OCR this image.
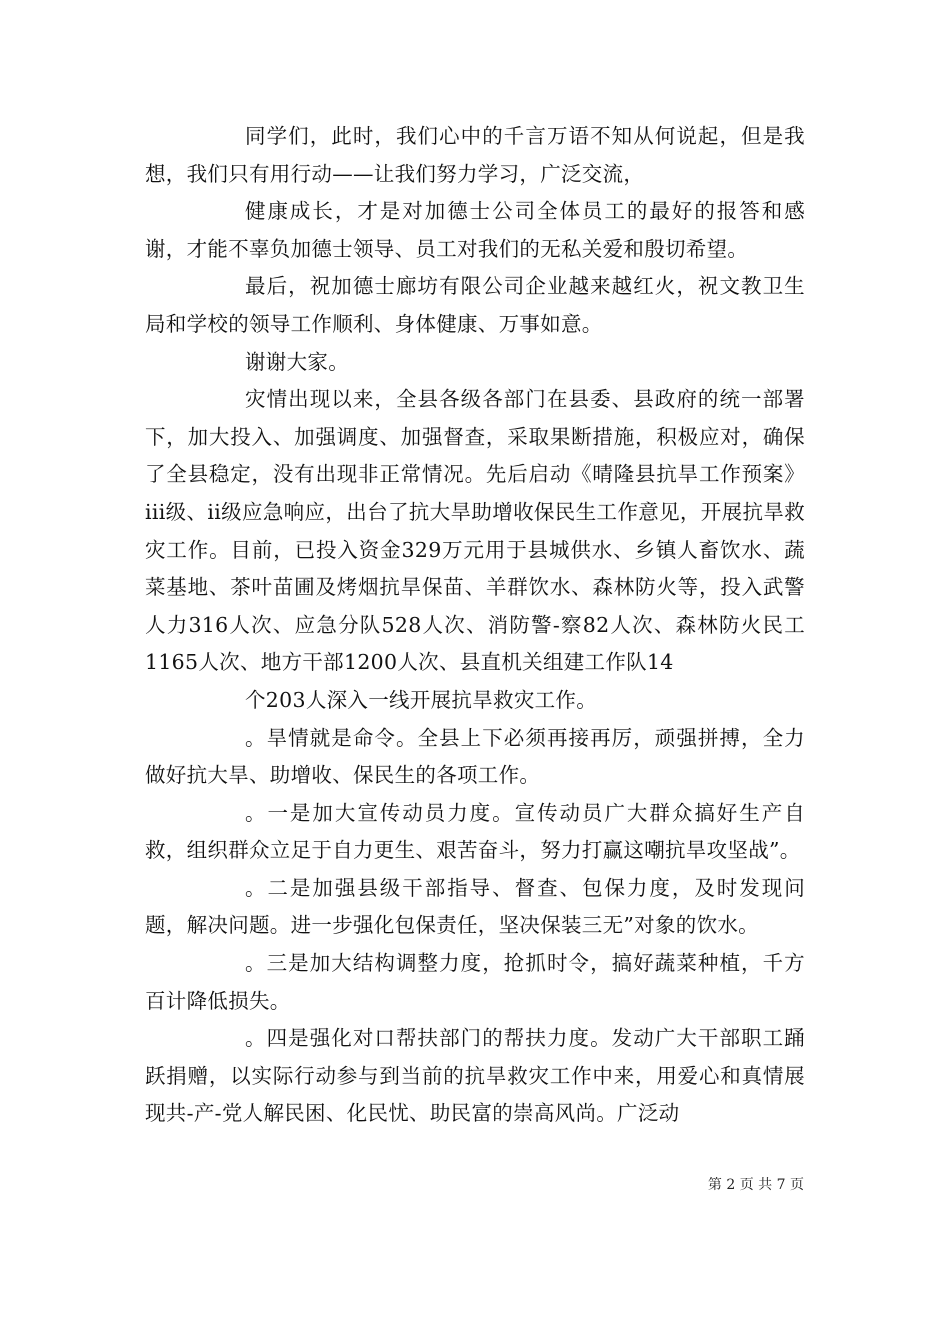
同学们，此时，我们心中的千言万语不知从何说起，但是我想，我们只有用行动——让我们努力学习，广泛交流，

健康成长，才是对加德士公司全体员工的最好的报答和感谢，才能不辜负加德士领导、员工对我们的无私关爱和殷切希望。

最后，祝加德士廊坊有限公司企业越来越红火，祝文教卫生局和学校的领导工作顺利、身体健康、万事如意。

谢谢大家。

灾情出现以来，全县各级各部门在县委、县政府的统一部署下，加大投入、加强调度、加强督查，采取果断措施，积极应对，确保了全县稳定，没有出现非正常情况。先后启动《晴隆县抗旱工作预案》iii级、ii级应急响应，出台了抗大旱助增收保民生工作意见，开展抗旱救灾工作。目前，已投入资金329万元用于县城供水、乡镇人畜饮水、蔬菜基地、茶叶苗圃及烤烟抗旱保苗、羊群饮水、森林防火等，投入武警人力316人次、应急分队528人次、消防警-察82人次、森林防火民工1165人次、地方干部1200人次、县直机关组建工作队14

个203人深入一线开展抗旱救灾工作。

。旱情就是命令。全县上下必须再接再厉，顽强拼搏，全力做好抗大旱、助增收、保民生的各项工作。

。一是加大宣传动员力度。宣传动员广大群众搞好生产自救，组织群众立足于自力更生、艰苦奋斗，努力打赢这嘲抗旱攻坚战”。

。二是加强县级干部指导、督查、包保力度，及时发现问题，解决问题。进一步强化包保责任，坚决保装三无”对象的饮水。

。三是加大结构调整力度，抢抓时令，搞好蔬菜种植，千方百计降低损失。

。四是强化对口帮扶部门的帮扶力度。发动广大干部职工踊跃捐赠，以实际行动参与到当前的抗旱救灾工作中来，用爱心和真情展现共-产-党人解民困、化民忧、助民富的崇高风尚。广泛动

第 2 页 共 7 页
